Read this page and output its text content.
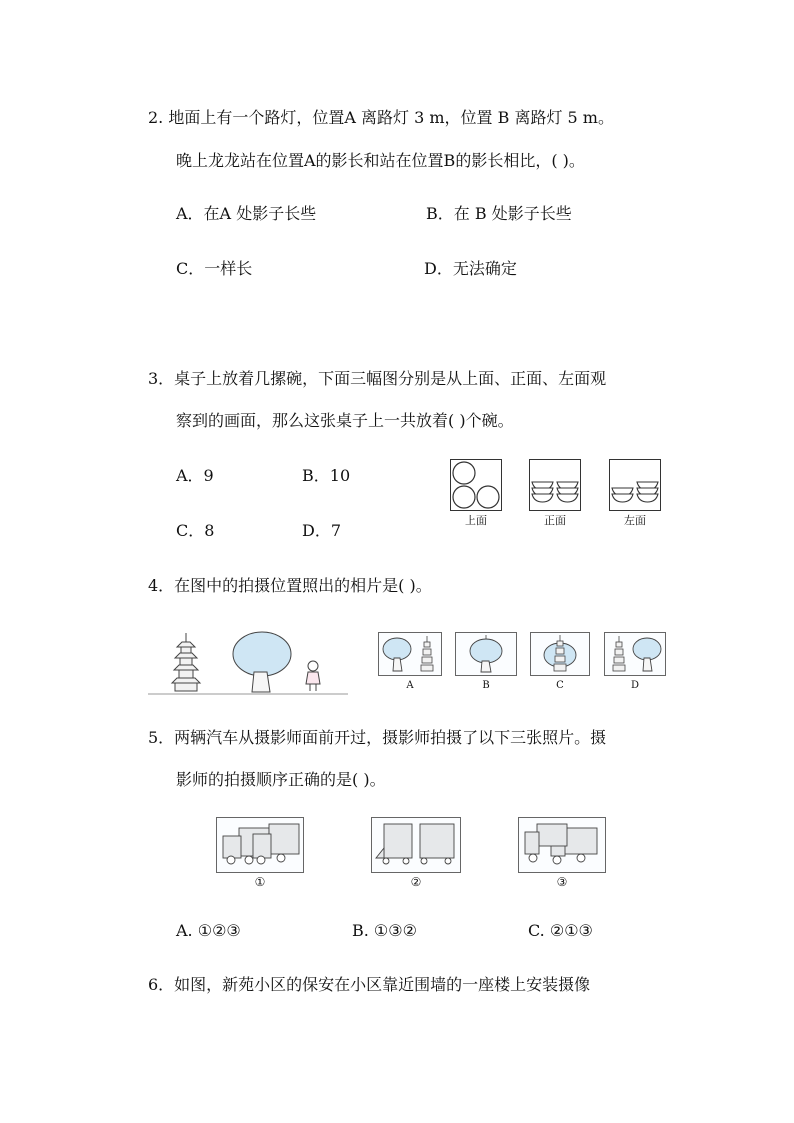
2. 地面上有一个路灯，位置A 离路灯 3 m，位置 B 离路灯 5 m。
晚上龙龙站在位置A的影长和站在位置B的影长相比，( )。
A．在A 处影子长些	B．在 B 处影子长些
C．一样长	D．无法确定
3．桌子上放着几摞碗，下面三幅图分别是从上面、正面、左面观
察到的画面，那么这张桌子上一共放着( )个碗。
A．9	B．10
C．8	D．7
上面	正面	左面
4．在图中的拍摄位置照出的相片是( )。
A	B	C	D
5．两辆汽车从摄影师面前开过，摄影师拍摄了以下三张照片。摄
影师的拍摄顺序正确的是( )。
①	②	③
A. ①②③	B. ①③②	C. ②①③
6．如图，新苑小区的保安在小区靠近围墙的一座楼上安装摄像
